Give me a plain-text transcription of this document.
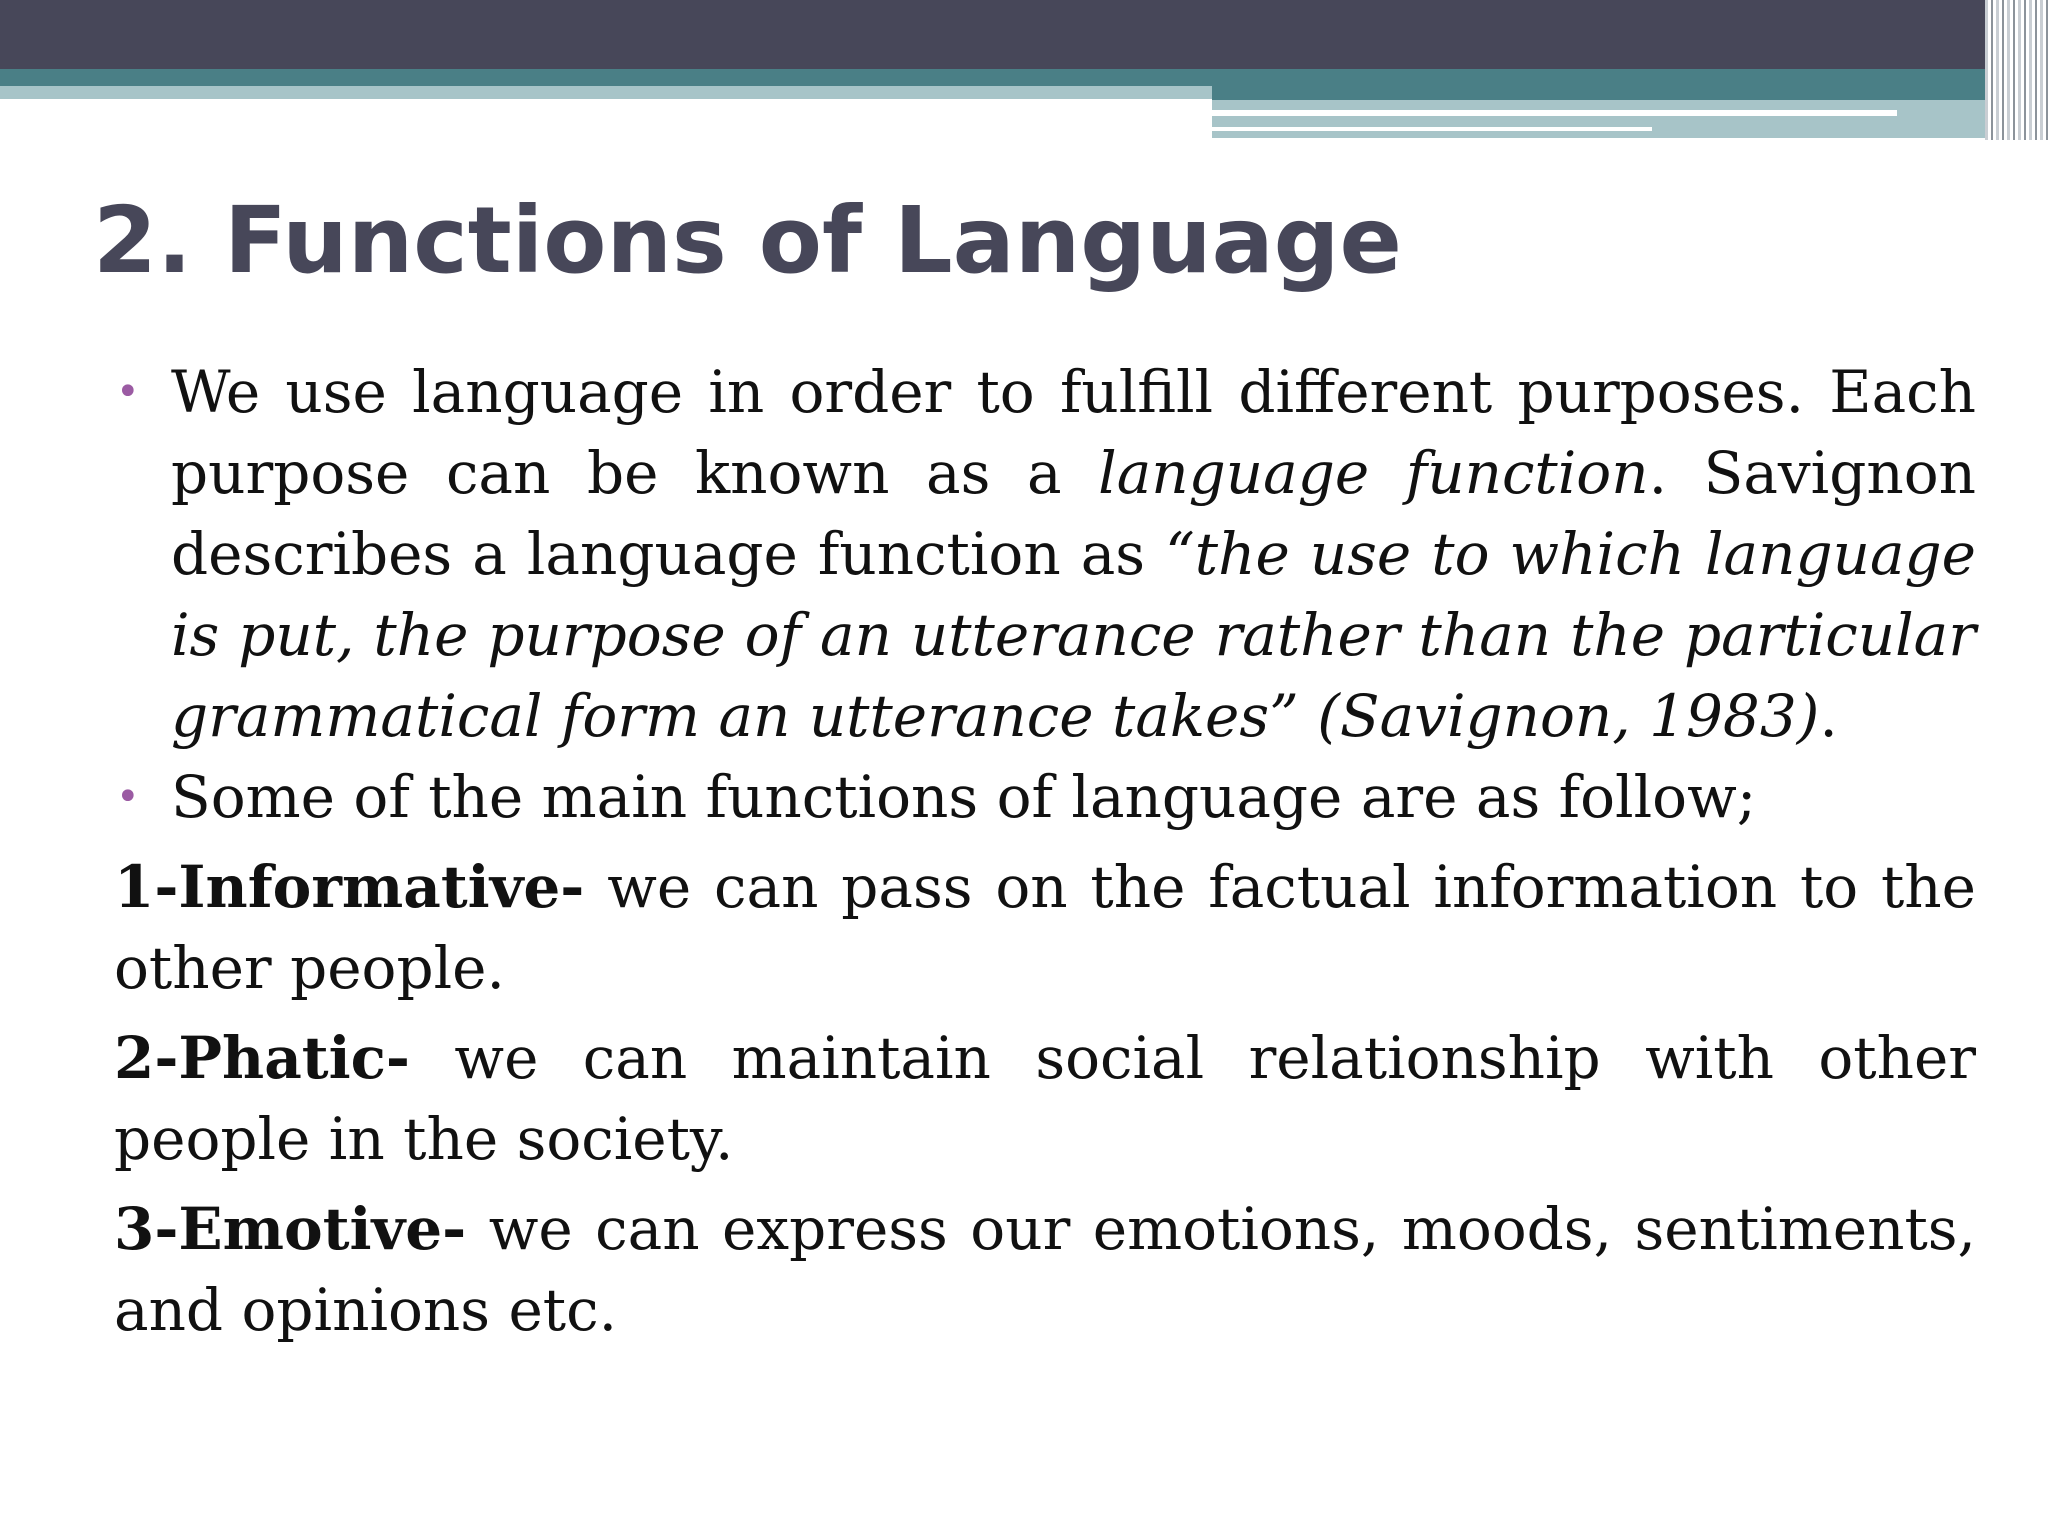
2. Functions of Language
• We use language in order to fulfill different purposes. Each purpose can be known as a language function. Savignon describes a language function as “the use to which language is put, the purpose of an utterance rather than the particular grammatical form an utterance takes” (Savignon, 1983).
• Some of the main functions of language are as follow;
1-Informative- we can pass on the factual information to the other people.
2-Phatic- we can maintain social relationship with other people in the society.
3-Emotive- we can express our emotions, moods, sentiments, and opinions etc.
